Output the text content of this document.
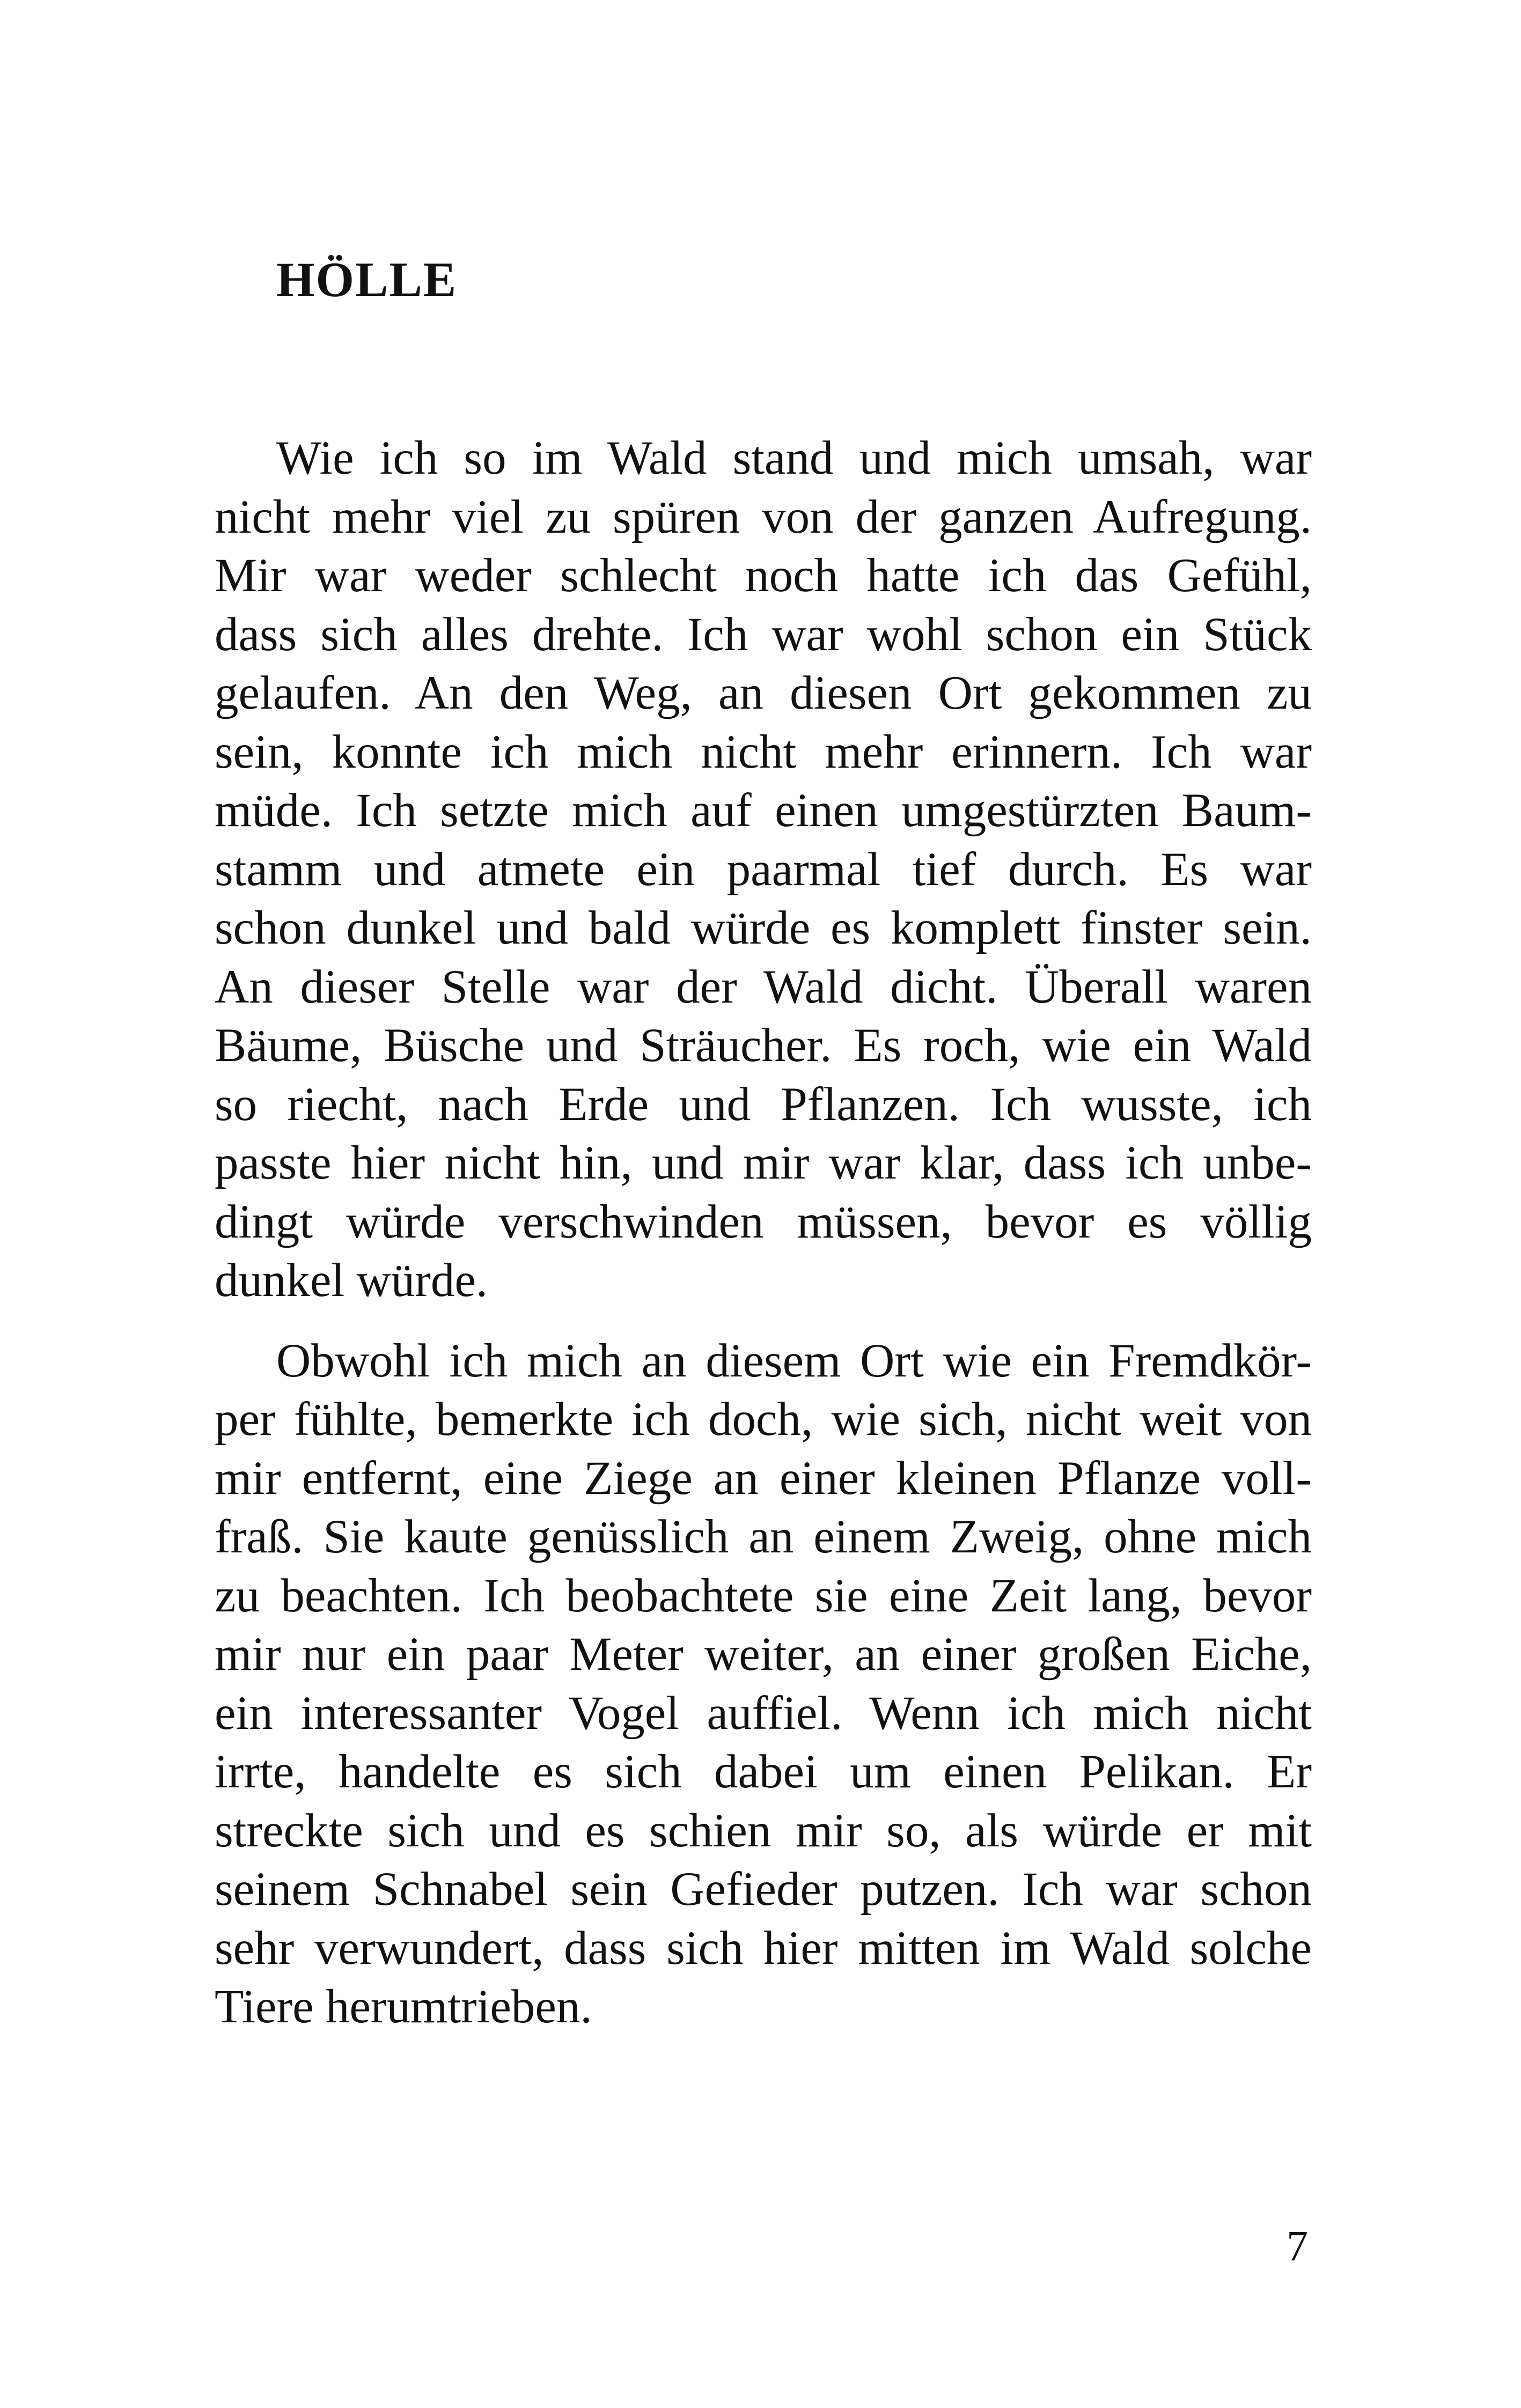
HÖLLE
Wie ich so im Wald stand und mich umsah, war
nicht mehr viel zu spüren von der ganzen Aufregung.
Mir war weder schlecht noch hatte ich das Gefühl,
dass sich alles drehte. Ich war wohl schon ein Stück
gelaufen. An den Weg, an diesen Ort gekommen zu
sein, konnte ich mich nicht mehr erinnern. Ich war
müde. Ich setzte mich auf einen umgestürzten Baum-
stamm und atmete ein paarmal tief durch. Es war
schon dunkel und bald würde es komplett finster sein.
An dieser Stelle war der Wald dicht. Überall waren
Bäume, Büsche und Sträucher. Es roch, wie ein Wald
so riecht, nach Erde und Pflanzen. Ich wusste, ich
passte hier nicht hin, und mir war klar, dass ich unbe-
dingt würde verschwinden müssen, bevor es völlig
dunkel würde.
Obwohl ich mich an diesem Ort wie ein Fremdkör-
per fühlte, bemerkte ich doch, wie sich, nicht weit von
mir entfernt, eine Ziege an einer kleinen Pflanze voll-
fraß. Sie kaute genüsslich an einem Zweig, ohne mich
zu beachten. Ich beobachtete sie eine Zeit lang, bevor
mir nur ein paar Meter weiter, an einer großen Eiche,
ein interessanter Vogel auffiel. Wenn ich mich nicht
irrte, handelte es sich dabei um einen Pelikan. Er
streckte sich und es schien mir so, als würde er mit
seinem Schnabel sein Gefieder putzen. Ich war schon
sehr verwundert, dass sich hier mitten im Wald solche
Tiere herumtrieben.
7
